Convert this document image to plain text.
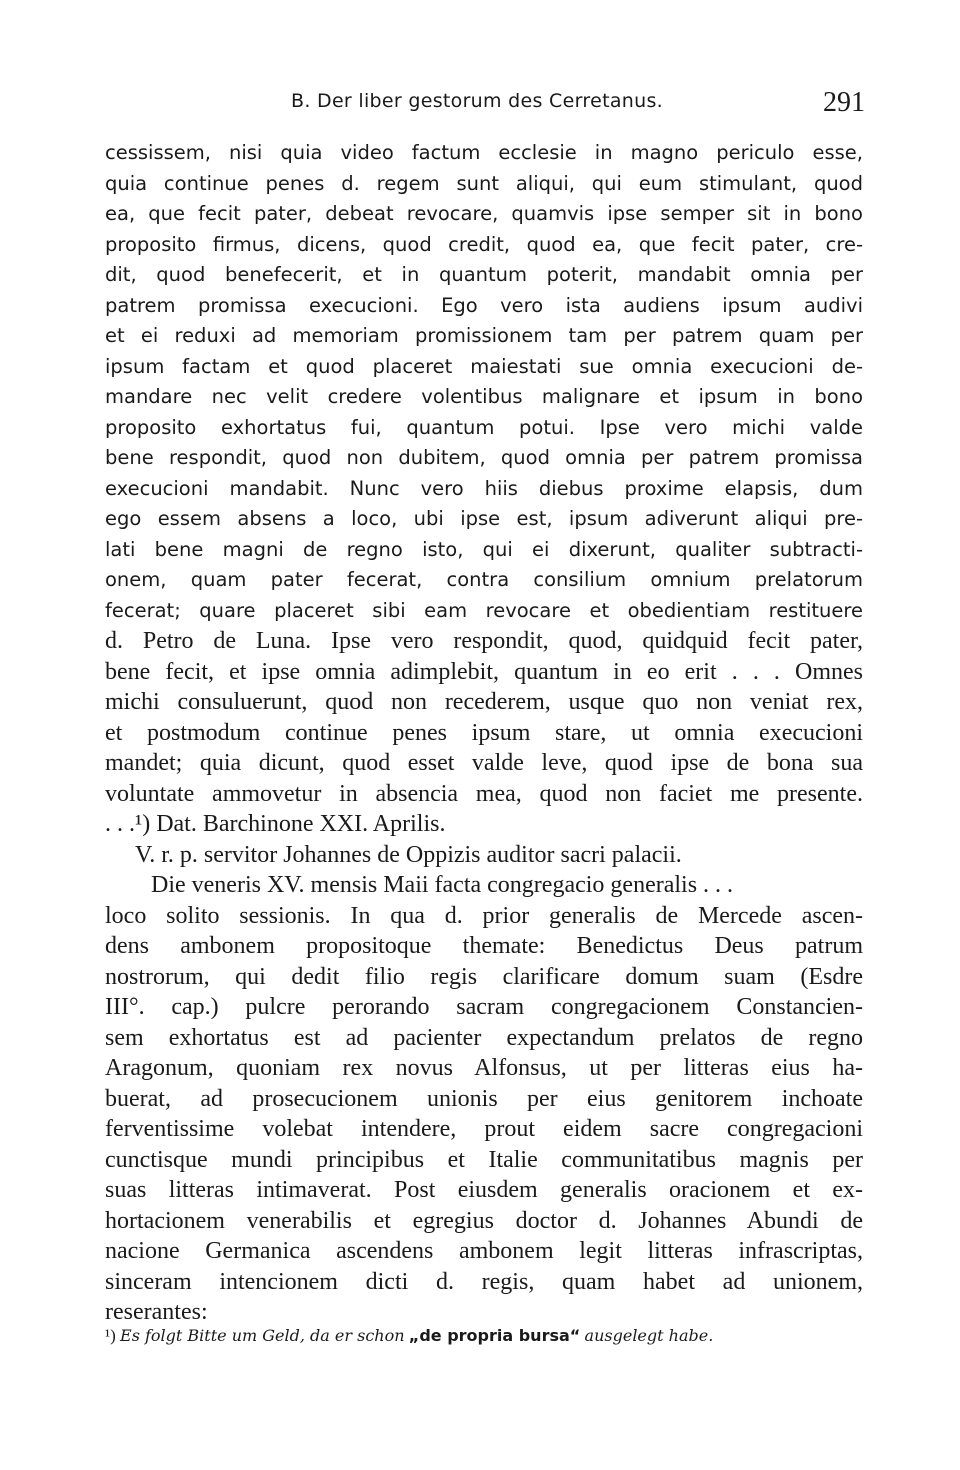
B. Der liber gestorum des Cerretanus.	291
cessissem, nisi quia video factum ecclesie in magno periculo esse,
quia continue penes d. regem sunt aliqui, qui eum stimulant, quod
ea, que fecit pater, debeat revocare, quamvis ipse semper sit in bono
proposito firmus, dicens, quod credit, quod ea, que fecit pater, cre-
dit, quod benefecerit, et in quantum poterit, mandabit omnia per
patrem promissa execucioni. Ego vero ista audiens ipsum audivi
et ei reduxi ad memoriam promissionem tam per patrem quam per
ipsum factam et quod placeret maiestati sue omnia execucioni de-
mandare nec velit credere volentibus malignare et ipsum in bono
proposito exhortatus fui, quantum potui. Ipse vero michi valde
bene respondit, quod non dubitem, quod omnia per patrem promissa
execucioni mandabit. Nunc vero hiis diebus proxime elapsis, dum
ego essem absens a loco, ubi ipse est, ipsum adiverunt aliqui pre-
lati bene magni de regno isto, qui ei dixerunt, qualiter subtracti-
onem, quam pater fecerat, contra consilium omnium prelatorum
fecerat; quare placeret sibi eam revocare et obedientiam restituere
d. Petro de Luna. Ipse vero respondit, quod, quidquid fecit pater,
bene fecit, et ipse omnia adimplebit, quantum in eo erit . . . Omnes
michi consuluerunt, quod non recederem, usque quo non veniat rex,
et postmodum continue penes ipsum stare, ut omnia execucioni
mandet; quia dicunt, quod esset valde leve, quod ipse de bona sua
voluntate ammovetur in absencia mea, quod non faciet me presente.
. . .¹) Dat. Barchinone XXI. Aprilis.
V. r. p. servitor Johannes de Oppizis auditor sacri palacii.
Die veneris XV. mensis Maii facta congregacio generalis . . .
loco solito sessionis. In qua d. prior generalis de Mercede ascen-
dens ambonem propositoque themate: Benedictus Deus patrum
nostrorum, qui dedit filio regis clarificare domum suam (Esdre
III°. cap.) pulcre perorando sacram congregacionem Constancien-
sem exhortatus est ad pacienter expectandum prelatos de regno
Aragonum, quoniam rex novus Alfonsus, ut per litteras eius ha-
buerat, ad prosecucionem unionis per eius genitorem inchoate
ferventissime volebat intendere, prout eidem sacre congregacioni
cunctisque mundi principibus et Italie communitatibus magnis per
suas litteras intimaverat. Post eiusdem generalis oracionem et ex-
hortacionem venerabilis et egregius doctor d. Johannes Abundi de
nacione Germanica ascendens ambonem legit litteras infrascriptas,
sinceram intencionem dicti d. regis, quam habet ad unionem,
reserantes:
¹) Es folgt Bitte um Geld, da er schon „de propria bursa“ ausgelegt habe.
